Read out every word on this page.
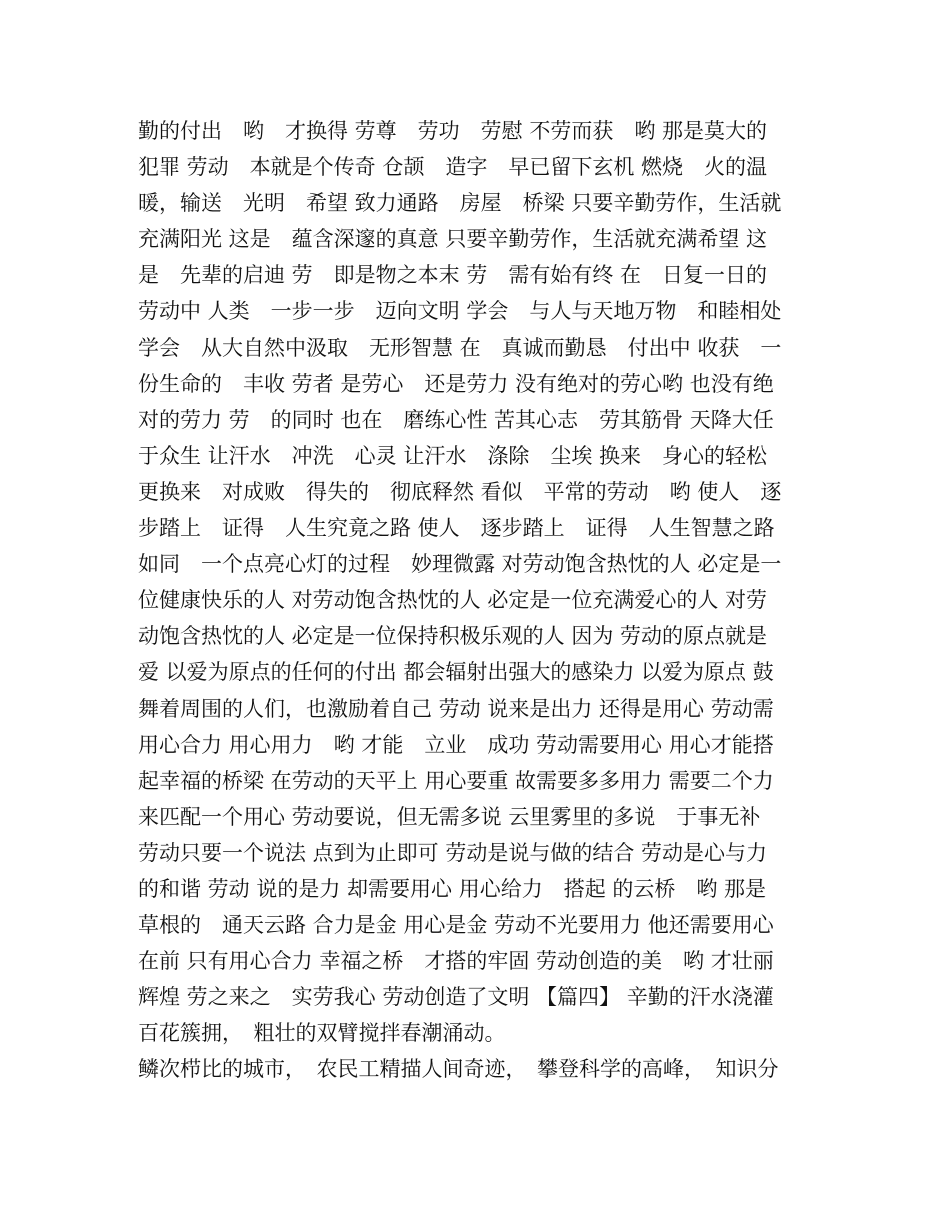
勤的付出　哟　才换得 劳尊　劳功　劳慰 不劳而获　哟 那是莫大的
犯罪 劳动　本就是个传奇 仓颉　造字　早已留下玄机 燃烧　火的温
暖，输送　光明　希望 致力通路　房屋　桥梁 只要辛勤劳作，生活就
充满阳光 这是　蕴含深邃的真意 只要辛勤劳作，生活就充满希望 这
是　先辈的启迪 劳　即是物之本末 劳　需有始有终 在　日复一日的
劳动中 人类　一步一步　迈向文明 学会　与人与天地万物　和睦相处
学会　从大自然中汲取　无形智慧 在　真诚而勤恳　付出中 收获　一
份生命的　丰收 劳者 是劳心　还是劳力 没有绝对的劳心哟 也没有绝
对的劳力 劳　的同时 也在　磨练心性 苦其心志　劳其筋骨 天降大任
于众生 让汗水　冲洗　心灵 让汗水　涤除　尘埃 换来　身心的轻松
更换来　对成败　得失的　彻底释然 看似　平常的劳动　哟 使人　逐
步踏上　证得　人生究竟之路 使人　逐步踏上　证得　人生智慧之路
如同　一个点亮心灯的过程　妙理微露 对劳动饱含热忱的人 必定是一
位健康快乐的人 对劳动饱含热忱的人 必定是一位充满爱心的人 对劳
动饱含热忱的人 必定是一位保持积极乐观的人 因为 劳动的原点就是
爱 以爱为原点的任何的付出 都会辐射出强大的感染力 以爱为原点 鼓
舞着周围的人们，也激励着自己 劳动 说来是出力 还得是用心 劳动需
用心合力 用心用力　哟 才能　立业　成功 劳动需要用心 用心才能搭
起幸福的桥梁 在劳动的天平上 用心要重 故需要多多用力 需要二个力
来匹配一个用心 劳动要说，但无需多说 云里雾里的多说　于事无补
劳动只要一个说法 点到为止即可 劳动是说与做的结合 劳动是心与力
的和谐 劳动 说的是力 却需要用心 用心给力　搭起 的云桥　哟 那是
草根的　通天云路 合力是金 用心是金 劳动不光要用力 他还需要用心
在前 只有用心合力 幸福之桥　才搭的牢固 劳动创造的美　哟 才壮丽
辉煌 劳之来之　实劳我心 劳动创造了文明 【篇四】 辛勤的汗水浇灌
百花簇拥，　粗壮的双臂搅拌春潮涌动。
鳞次栉比的城市，　农民工精描人间奇迹，　攀登科学的高峰，　知识分
